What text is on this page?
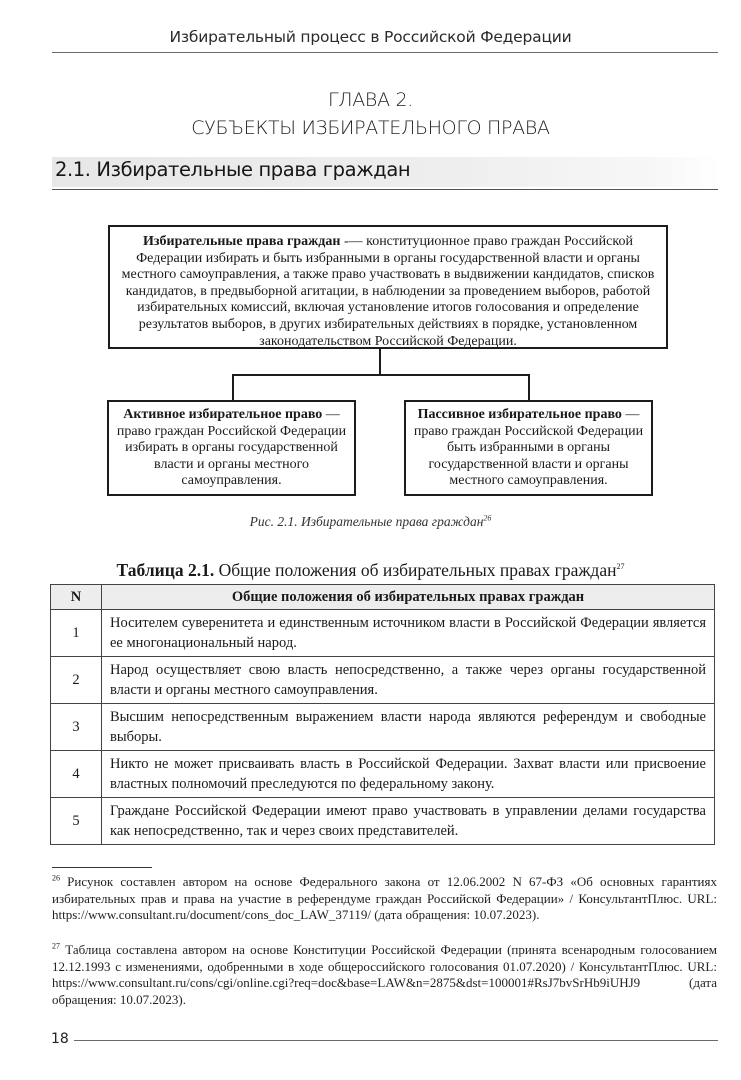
Избирательный процесс в Российской Федерации
ГЛАВА 2.
СУБЪЕКТЫ ИЗБИРАТЕЛЬНОГО ПРАВА
2.1. Избирательные права граждан
Избирательные права граждан -— конституционное право граждан Российской Федерации избирать и быть избранными в органы государственной власти и органы местного самоуправления, а также право участвовать в выдвижении кандидатов, списков кандидатов, в предвыборной агитации, в наблюдении за проведением выборов, работой избирательных комиссий, включая установление итогов голосования и определение результатов выборов, в других избирательных действиях в порядке, установленном законодательством Российской Федерации.
Активное избирательное право — право граждан Российской Федерации избирать в органы государственной власти и органы местного самоуправления.
Пассивное избирательное право — право граждан Российской Федерации быть избранными в органы государственной власти и органы местного самоуправления.
Рис. 2.1. Избирательные права граждан$^{26}$
Таблица 2.1. Общие положения об избирательных правах граждан$^{27}$
N	Общие положения об избирательных правах граждан
1	Носителем суверенитета и единственным источником власти в Российской Федерации является ее многонациональный народ.
2	Народ осуществляет свою власть непосредственно, а также через органы государственной власти и органы местного самоуправления.
3	Высшим непосредственным выражением власти народа являются референдум и свободные выборы.
4	Никто не может присваивать власть в Российской Федерации. Захват власти или присвоение властных полномочий преследуются по федеральному закону.
5	Граждане Российской Федерации имеют право участвовать в управлении делами государства как непосредственно, так и через своих представителей.
$^{26}$ Рисунок составлен автором на основе Федерального закона от 12.06.2002 N 67-ФЗ «Об основных гарантиях избирательных прав и права на участие в референдуме граждан Российской Федерации» / КонсультантПлюс. URL: https://www.consultant.ru/document/cons_doc_LAW_37119/ (дата обращения: 10.07.2023).
$^{27}$ Таблица составлена автором на основе Конституции Российской Федерации (принята всенародным голосованием 12.12.1993 с изменениями, одобренными в ходе общероссийского голосования 01.07.2020) / КонсультантПлюс. URL: https://www.consultant.ru/cons/cgi/online.cgi?req=doc&base=LAW&n=2875&dst=100001#RsJ7bvSrHb9iUHJ9 (дата обращения: 10.07.2023).
18
